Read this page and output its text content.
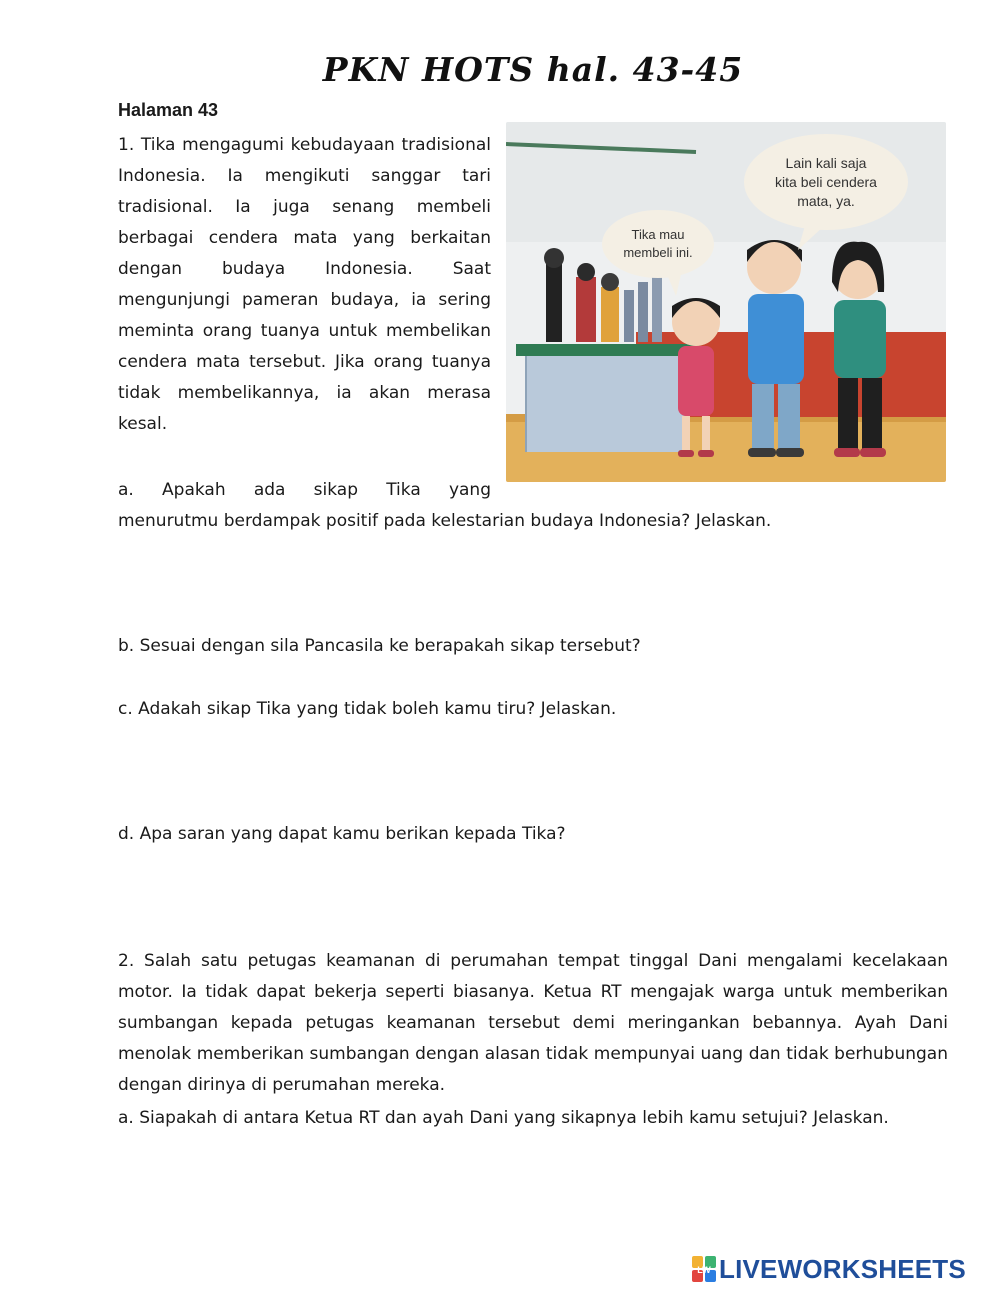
PKN HOTS hal. 43-45
Halaman 43

1. Tika mengagumi kebudayaan tradisional Indonesia. Ia mengikuti sanggar tari tradisional. Ia juga senang membeli berbagai cendera mata yang berkaitan dengan budaya Indonesia. Saat mengunjungi pameran budaya, ia sering meminta orang tuanya untuk membelikan cendera mata tersebut. Jika orang tuanya tidak membelikannya, ia akan merasa kesal.

a. Apakah ada sikap Tika yang

menurutmu berdampak positif pada kelestarian budaya Indonesia? Jelaskan.

b. Sesuai dengan sila Pancasila ke berapakah sikap tersebut?

c. Adakah sikap Tika yang tidak boleh kamu tiru? Jelaskan.

d. Apa saran yang dapat kamu berikan kepada Tika?

Lain kali saja
kita beli cendera
mata, ya.
Tika mau
membeli ini.

2. Salah satu petugas keamanan di perumahan tempat tinggal Dani mengalami kecelakaan motor. Ia tidak dapat bekerja seperti biasanya. Ketua RT mengajak warga untuk memberikan sumbangan kepada petugas keamanan tersebut demi meringankan bebannya. Ayah Dani menolak memberikan sumbangan dengan alasan tidak mempunyai uang dan tidak berhubungan dengan dirinya di perumahan mereka.

a. Siapakah di antara Ketua RT dan ayah Dani yang sikapnya lebih kamu setujui? Jelaskan.

LW LIVEWORKSHEETS
